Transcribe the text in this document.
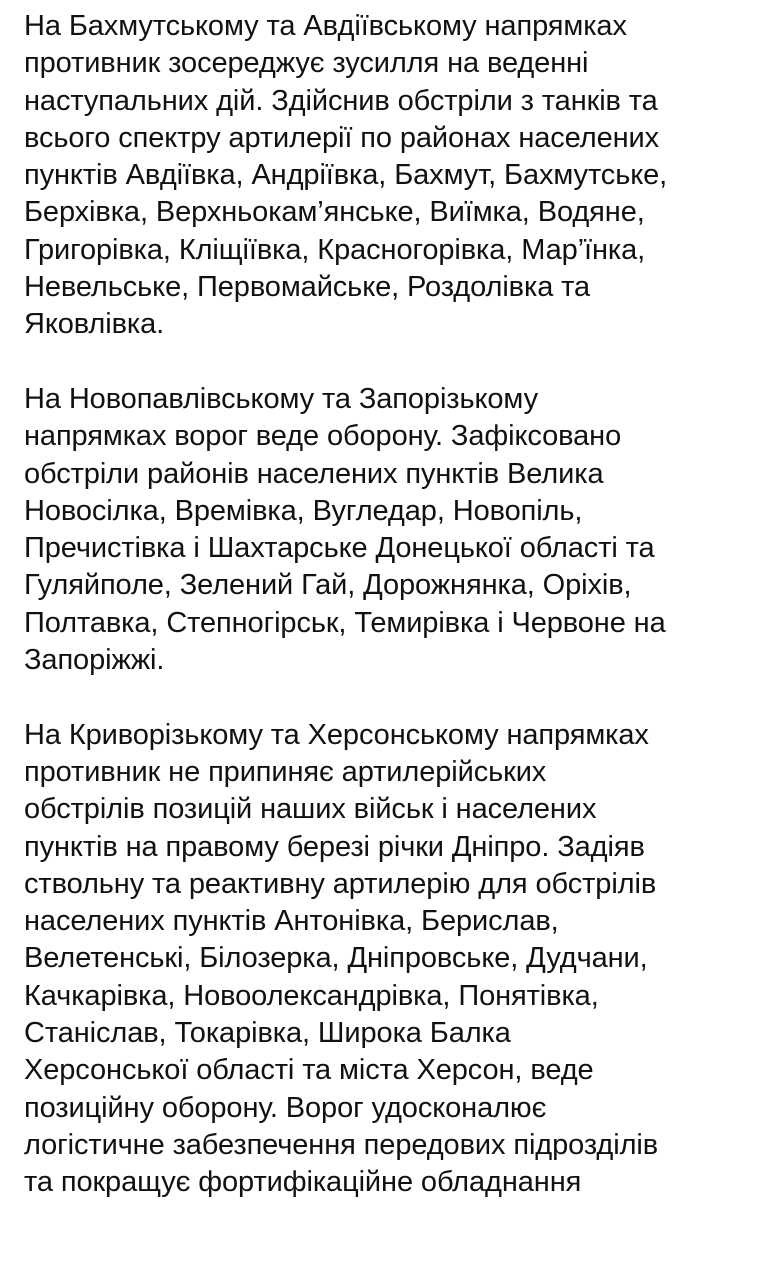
На Бахмутському та Авдіївському напрямках
противник зосереджує зусилля на веденні
наступальних дій. Здійснив обстріли з танків та
всього спектру артилерії по районах населених
пунктів Авдіївка, Андріївка, Бахмут, Бахмутське,
Берхівка, Верхньокам’янське, Виїмка, Водяне,
Григорівка, Кліщіївка, Красногорівка, Мар’їнка,
Невельське, Первомайське, Роздолівка та
Яковлівка.
На Новопавлівському та Запорізькому
напрямках ворог веде оборону. Зафіксовано
обстріли районів населених пунктів Велика
Новосілка, Времівка, Вугледар, Новопіль,
Пречистівка і Шахтарське Донецької області та
Гуляйполе, Зелений Гай, Дорожнянка, Оріхів,
Полтавка, Степногірськ, Темирівка і Червоне на
Запоріжжі.
На Криворізькому та Херсонському напрямках
противник не припиняє артилерійських
обстрілів позицій наших військ і населених
пунктів на правому березі річки Дніпро. Задіяв
ствольну та реактивну артилерію для обстрілів
населених пунктів Антонівка, Берислав,
Велетенські, Білозерка, Дніпровське, Дудчани,
Качкарівка, Новоолександрівка, Понятівка,
Станіслав, Токарівка, Широка Балка
Херсонської області та міста Херсон, веде
позиційну оборону. Ворог удосконалює
логістичне забезпечення передових підрозділів
та покращує фортифікаційне обладнання
